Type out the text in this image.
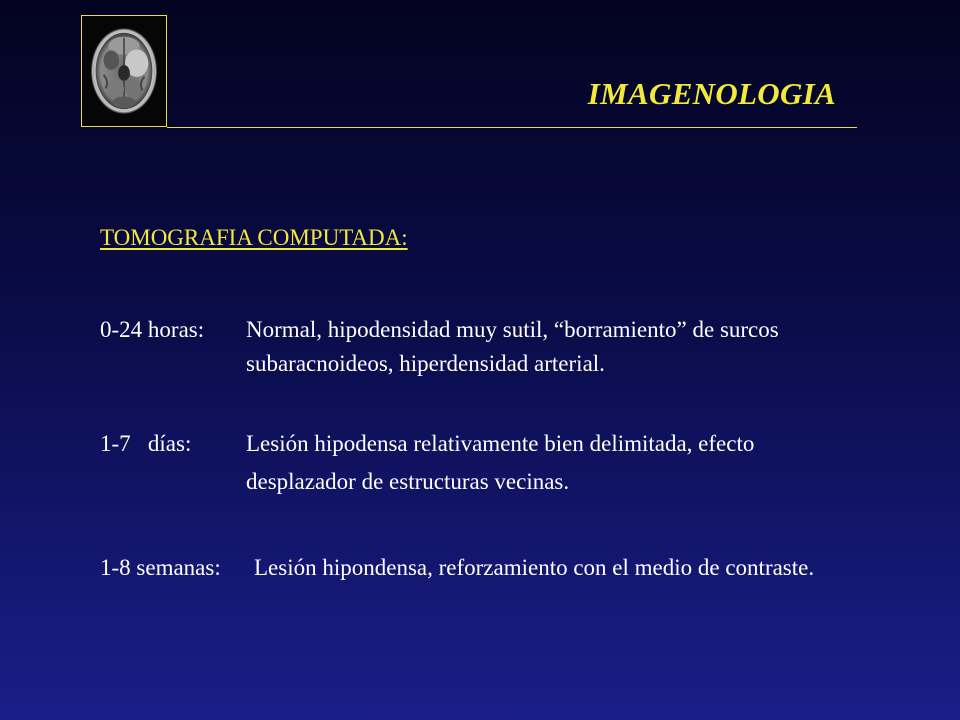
IMAGENOLOGIA
TOMOGRAFIA COMPUTADA:
0-24 horas: Normal, hipodensidad muy sutil, “borramiento” de surcos
subaracnoideos, hiperdensidad arterial.
1-7   días: Lesión hipodensa relativamente bien delimitada, efecto
desplazador de estructuras vecinas.
1-8 semanas: Lesión hipondensa, reforzamiento con el medio de contraste.
